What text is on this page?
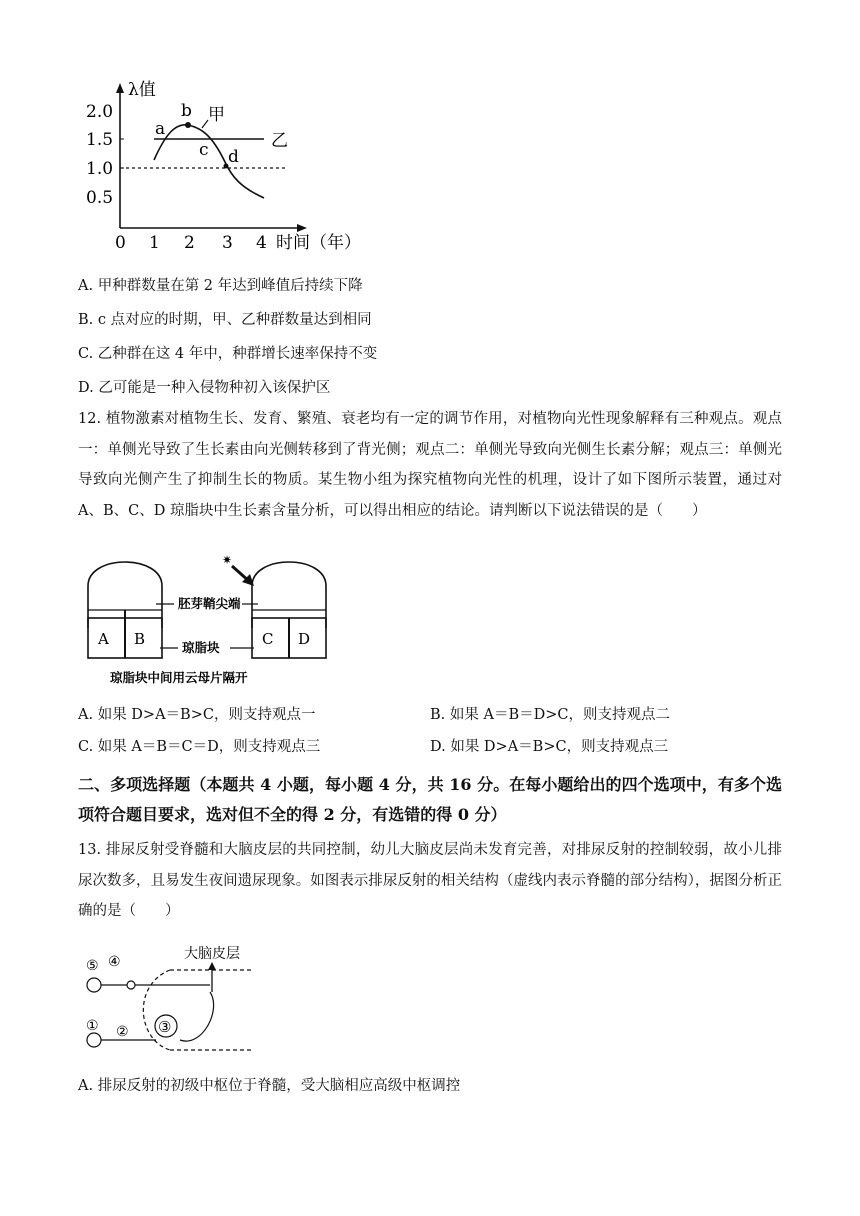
λ值
2.0
1.5
1.0
0.5
0 1 2 3 4 时间（年）
a
b
c d
甲
乙
A. 甲种群数量在第 2 年达到峰值后持续下降
B. c 点对应的时期，甲、乙种群数量达到相同
C. 乙种群在这 4 年中，种群增长速率保持不变
D. 乙可能是一种入侵物种初入该保护区
12. 植物激素对植物生长、发育、繁殖、衰老均有一定的调节作用，对植物向光性现象解释有三种观点。观点一：单侧光导致了生长素由向光侧转移到了背光侧；观点二：单侧光导致向光侧生长素分解；观点三：单侧光导致向光侧产生了抑制生长的物质。某生物小组为探究植物向光性的机理，设计了如下图所示装置，通过对 A、B、C、D 琼脂块中生长素含量分析，可以得出相应的结论。请判断以下说法错误的是（　　）
A B	C D
✷
胚芽鞘尖端
琼脂块
琼脂块中间用云母片隔开
A. 如果 D>A＝B>C，则支持观点一	B. 如果 A＝B＝D>C，则支持观点二
C. 如果 A＝B＝C＝D，则支持观点三	D. 如果 D>A＝B>C，则支持观点三
二、多项选择题（本题共 4 小题，每小题 4 分，共 16 分。在每小题给出的四个选项中，有多个选项符合题目要求，选对但不全的得 2 分，有选错的得 0 分）
13. 排尿反射受脊髓和大脑皮层的共同控制，幼儿大脑皮层尚未发育完善，对排尿反射的控制较弱，故小儿排尿次数多，且易发生夜间遗尿现象。如图表示排尿反射的相关结构（虚线内表示脊髓的部分结构），据图分析正确的是（　　）
大脑皮层
⑤ ④
① ② ③
A. 排尿反射的初级中枢位于脊髓，受大脑相应高级中枢调控
